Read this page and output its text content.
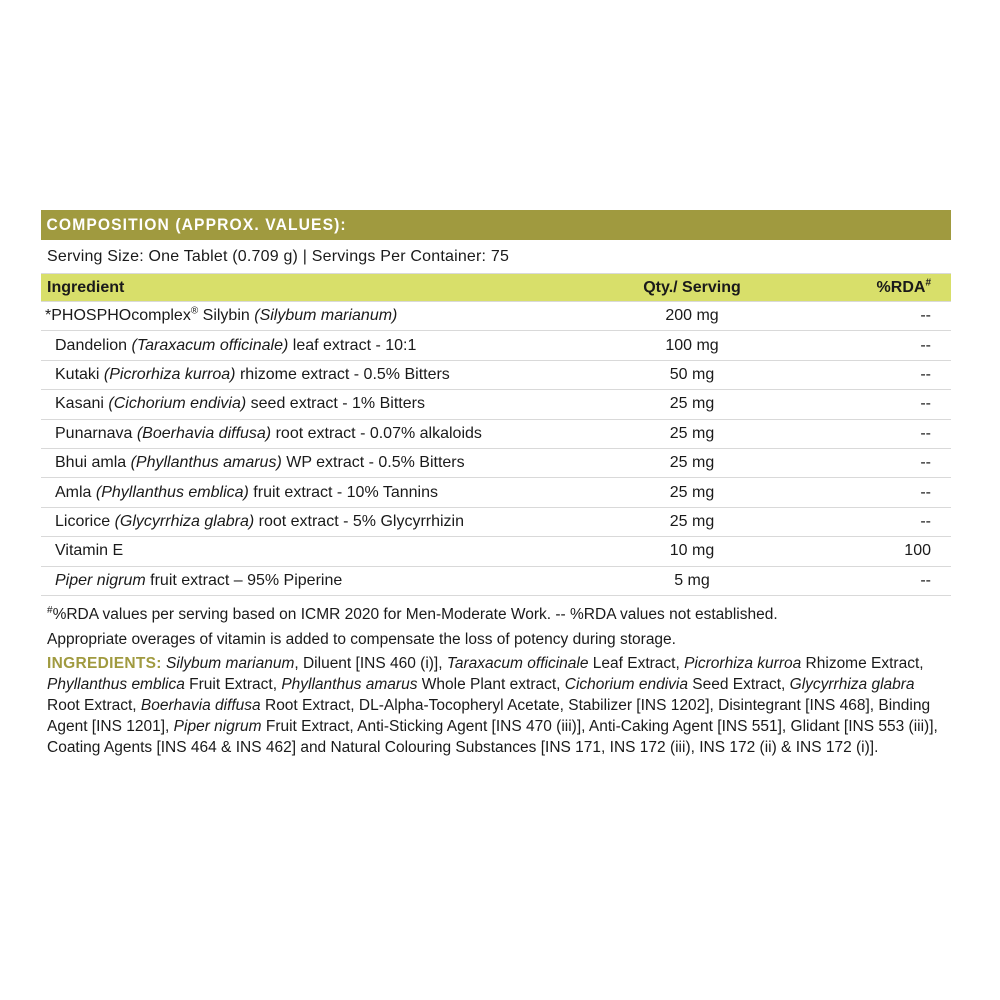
COMPOSITION (APPROX. VALUES):
Serving Size: One Tablet (0.709 g) | Servings Per Container: 75
Ingredient	Qty./ Serving	%RDA#
*PHOSPHOcomplex® Silybin (Silybum marianum)	200 mg	--
Dandelion (Taraxacum officinale) leaf extract - 10:1	100 mg	--
Kutaki (Picrorhiza kurroa) rhizome extract - 0.5% Bitters	50 mg	--
Kasani (Cichorium endivia) seed extract - 1% Bitters	25 mg	--
Punarnava (Boerhavia diffusa) root extract - 0.07% alkaloids	25 mg	--
Bhui amla (Phyllanthus amarus) WP extract - 0.5% Bitters	25 mg	--
Amla (Phyllanthus emblica) fruit extract - 10% Tannins	25 mg	--
Licorice (Glycyrrhiza glabra) root extract - 5% Glycyrrhizin	25 mg	--
Vitamin E	10 mg	100
Piper nigrum fruit extract – 95% Piperine	5 mg	--
#%RDA values per serving based on ICMR 2020 for Men-Moderate Work. -- %RDA values not established.
Appropriate overages of vitamin is added to compensate the loss of potency during storage.
INGREDIENTS: Silybum marianum, Diluent [INS 460 (i)], Taraxacum officinale Leaf Extract, Picrorhiza kurroa Rhizome Extract, Phyllanthus emblica Fruit Extract, Phyllanthus amarus Whole Plant extract, Cichorium endivia Seed Extract, Glycyrrhiza glabra Root Extract, Boerhavia diffusa Root Extract, DL-Alpha-Tocopheryl Acetate, Stabilizer [INS 1202], Disintegrant [INS 468], Binding Agent [INS 1201], Piper nigrum Fruit Extract, Anti-Sticking Agent [INS 470 (iii)], Anti-Caking Agent [INS 551], Glidant [INS 553 (iii)], Coating Agents [INS 464 & INS 462] and Natural Colouring Substances [INS 171, INS 172 (iii), INS 172 (ii) & INS 172 (i)].
